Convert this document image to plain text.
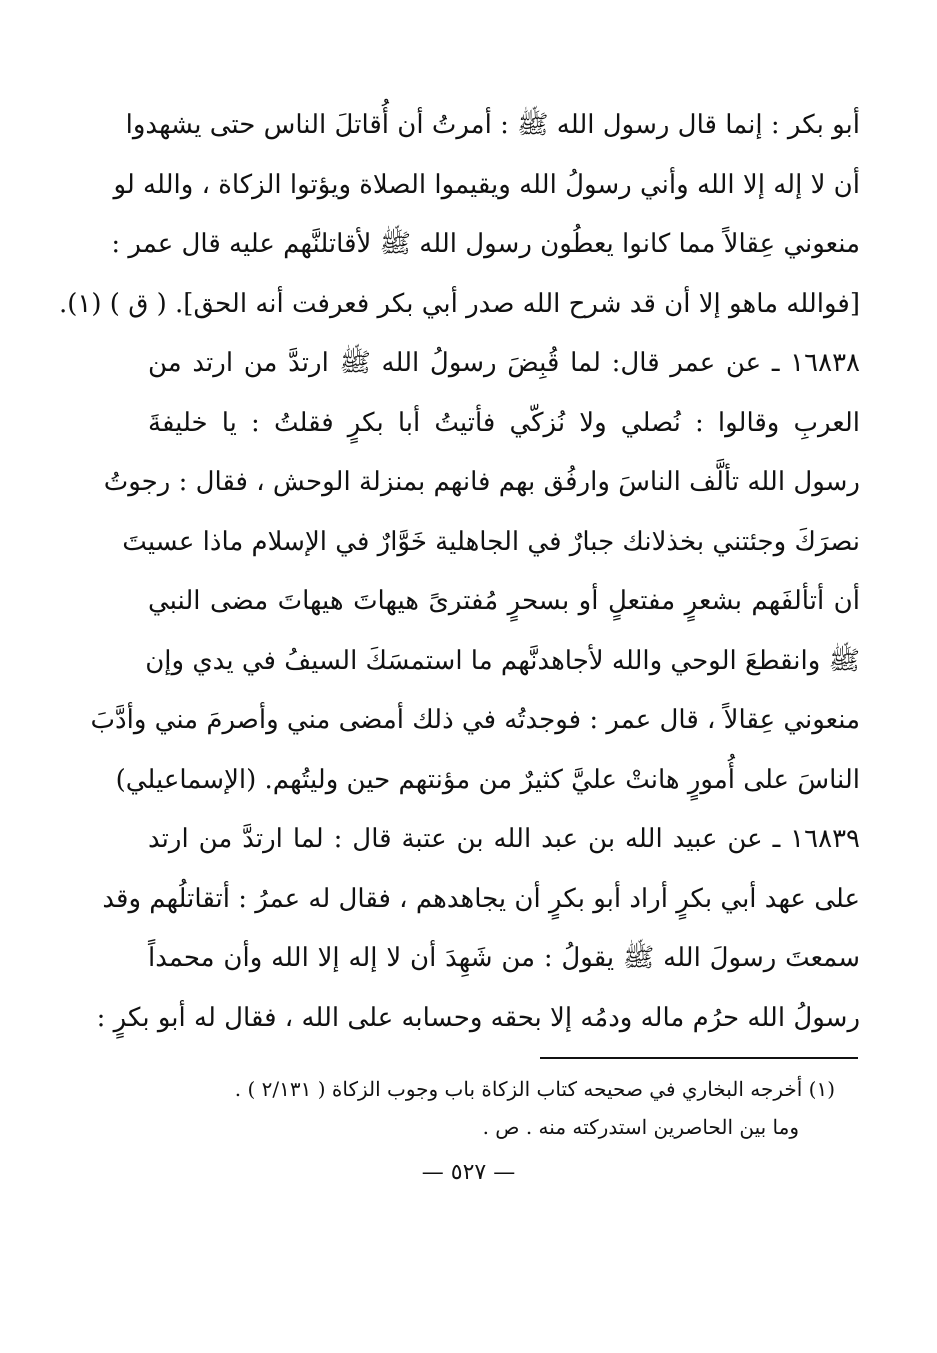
أبو بكر : إنما قال رسول الله ﷺ : أمرتُ أن أُقاتلَ الناس حتى يشهدوا
أن لا إله إلا الله وأني رسولُ الله ويقيموا الصلاة ويؤتوا الزكاة ، والله لو
منعوني عِقالاً مما كانوا يعطُون رسول الله ﷺ لأقاتلنَّهم عليه قال عمر :
[فوالله ماهو إلا أن قد شرح الله صدر أبي بكر فعرفت أنه الحق]. ( ق ) (١).
١٦٨٣٨ ـ عن عمر قال: لما قُبِضَ رسولُ الله ﷺ ارتدَّ من ارتد من
العربِ وقالوا : نُصلي ولا نُزكّي فأتيتُ أبا بكرٍ فقلتُ : يا خليفةَ
رسول الله تألَّف الناسَ وارفُق بهم فانهم بمنزلة الوحش ، فقال : رجوتُ
نصرَكَ وجئتني بخذلانك جبارٌ في الجاهلية خَوَّارٌ في الإسلام ماذا عسيتَ
أن أتألفَهم بشعرٍ مفتعلٍ أو بسحرٍ مُفترىً هيهاتَ هيهاتَ مضى النبي
ﷺ وانقطعَ الوحي والله لأجاهدنَّهم ما استمسَكَ السيفُ في يدي وإن
منعوني عِقالاً ، قال عمر : فوجدتُه في ذلك أمضى مني وأصرمَ مني وأدَّبَ
الناسَ على أُمورٍ هانتْ عليَّ كثيرٌ من مؤنتهم حين وليتُهم. (الإسماعيلي)
١٦٨٣٩ ـ عن عبيد الله بن عبد الله بن عتبة قال : لما ارتدَّ من ارتد
على عهد أبي بكرٍ أراد أبو بكرٍ أن يجاهدهم ، فقال له عمرُ : أتقاتلُهم وقد
سمعتَ رسولَ الله ﷺ يقولُ : من شَهِدَ أن لا إله إلا الله وأن محمداً
رسولُ الله حرُم ماله ودمُه إلا بحقه وحسابه على الله ، فقال له أبو بكرٍ :
(١) أخرجه البخاري في صحيحه كتاب الزكاة باب وجوب الزكاة ( ٢/١٣١ ) .
وما بين الحاصرين استدركته منه . ص .
— ٥٢٧ —
